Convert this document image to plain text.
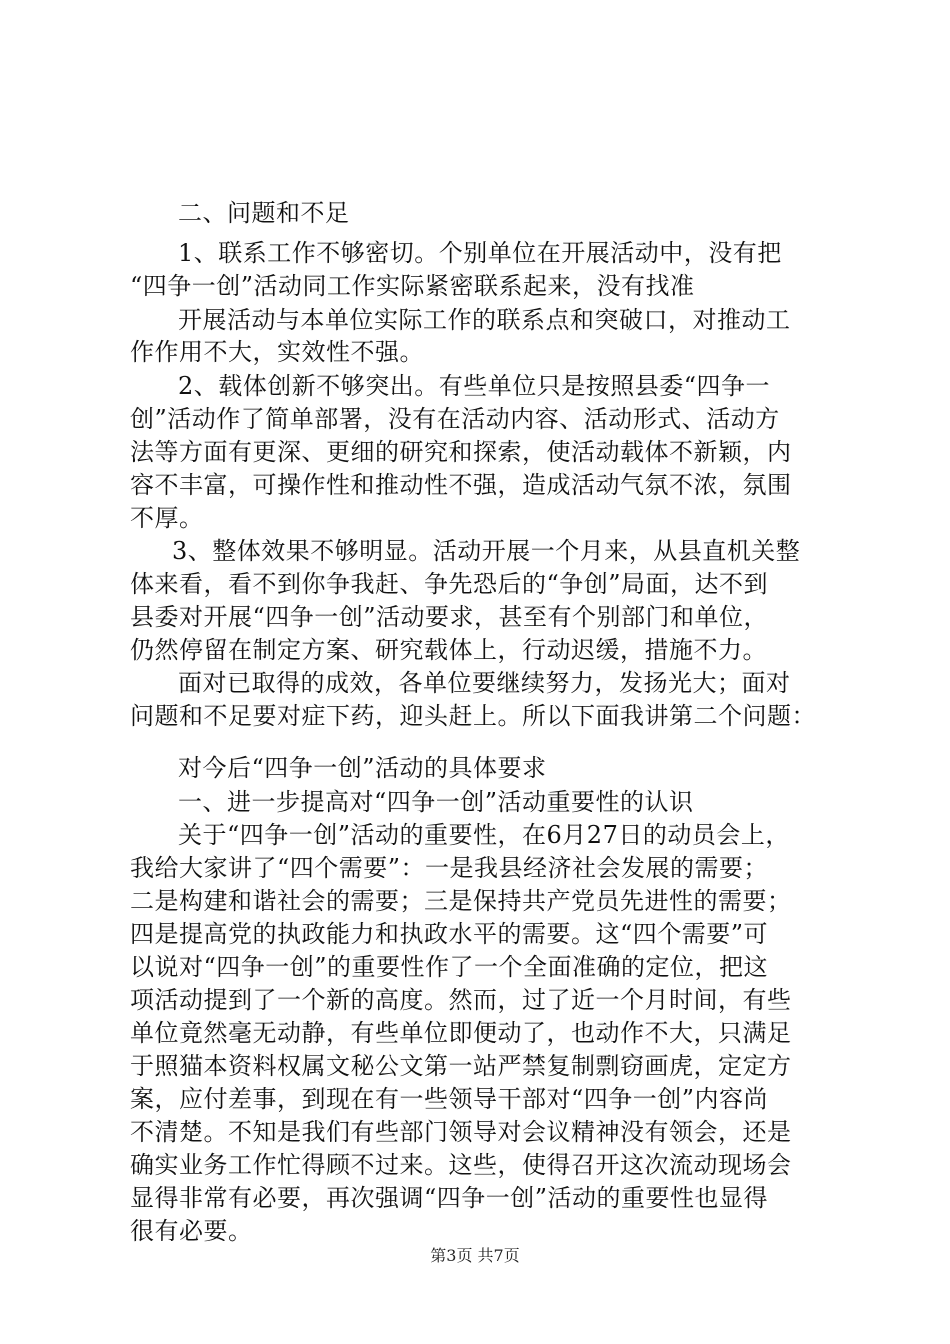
二、问题和不足
1、联系工作不够密切。个别单位在开展活动中，没有把
“四争一创”活动同工作实际紧密联系起来，没有找准
开展活动与本单位实际工作的联系点和突破口，对推动工
作作用不大，实效性不强。
2、载体创新不够突出。有些单位只是按照县委“四争一
创”活动作了简单部署，没有在活动内容、活动形式、活动方
法等方面有更深、更细的研究和探索，使活动载体不新颖，内
容不丰富，可操作性和推动性不强，造成活动气氛不浓，氛围
不厚。
3、整体效果不够明显。活动开展一个月来，从县直机关整
体来看，看不到你争我赶、争先恐后的“争创”局面，达不到
县委对开展“四争一创”活动要求，甚至有个别部门和单位，
仍然停留在制定方案、研究载体上，行动迟缓，措施不力。
面对已取得的成效，各单位要继续努力，发扬光大；面对
问题和不足要对症下药，迎头赶上。所以下面我讲第二个问题：
对今后“四争一创”活动的具体要求
一、进一步提高对“四争一创”活动重要性的认识
关于“四争一创”活动的重要性，在6月27日的动员会上，
我给大家讲了“四个需要”：一是我县经济社会发展的需要；
二是构建和谐社会的需要；三是保持共产党员先进性的需要；
四是提高党的执政能力和执政水平的需要。这“四个需要”可
以说对“四争一创”的重要性作了一个全面准确的定位，把这
项活动提到了一个新的高度。然而，过了近一个月时间，有些
单位竟然毫无动静，有些单位即便动了，也动作不大，只满足
于照猫本资料权属文秘公文第一站严禁复制剽窃画虎，定定方
案，应付差事，到现在有一些领导干部对“四争一创”内容尚
不清楚。不知是我们有些部门领导对会议精神没有领会，还是
确实业务工作忙得顾不过来。这些，使得召开这次流动现场会
显得非常有必要，再次强调“四争一创”活动的重要性也显得
很有必要。
第3页 共7页
